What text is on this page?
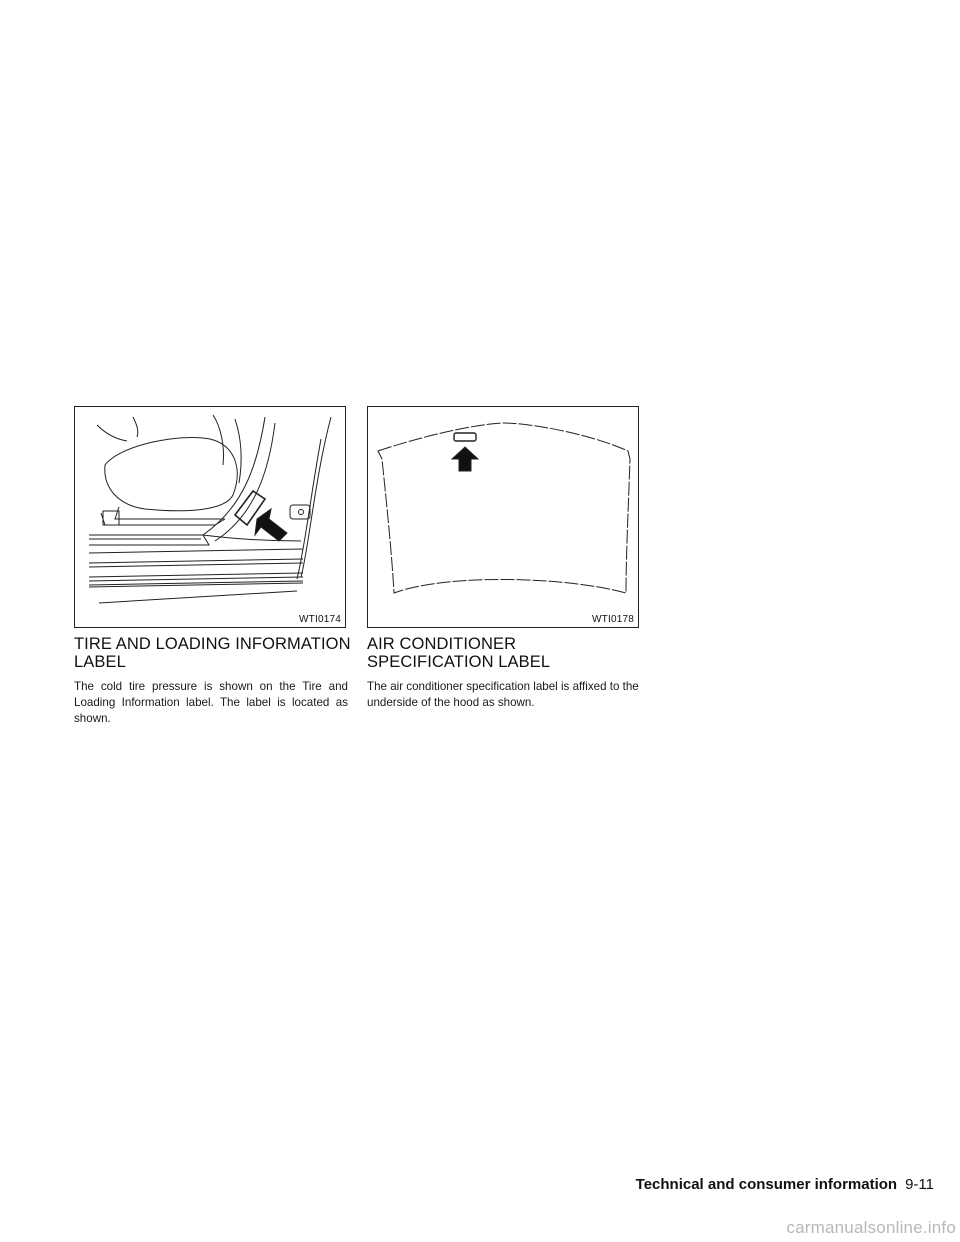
WTI0174	WTI0178
TIRE AND LOADING INFORMATION LABEL

The cold tire pressure is shown on the Tire and Loading Information label. The label is located as shown.

AIR CONDITIONER SPECIFICATION LABEL

The air conditioner specification label is affixed to the underside of the hood as shown.

Technical and consumer information 9-11
carmanualsonline.info
